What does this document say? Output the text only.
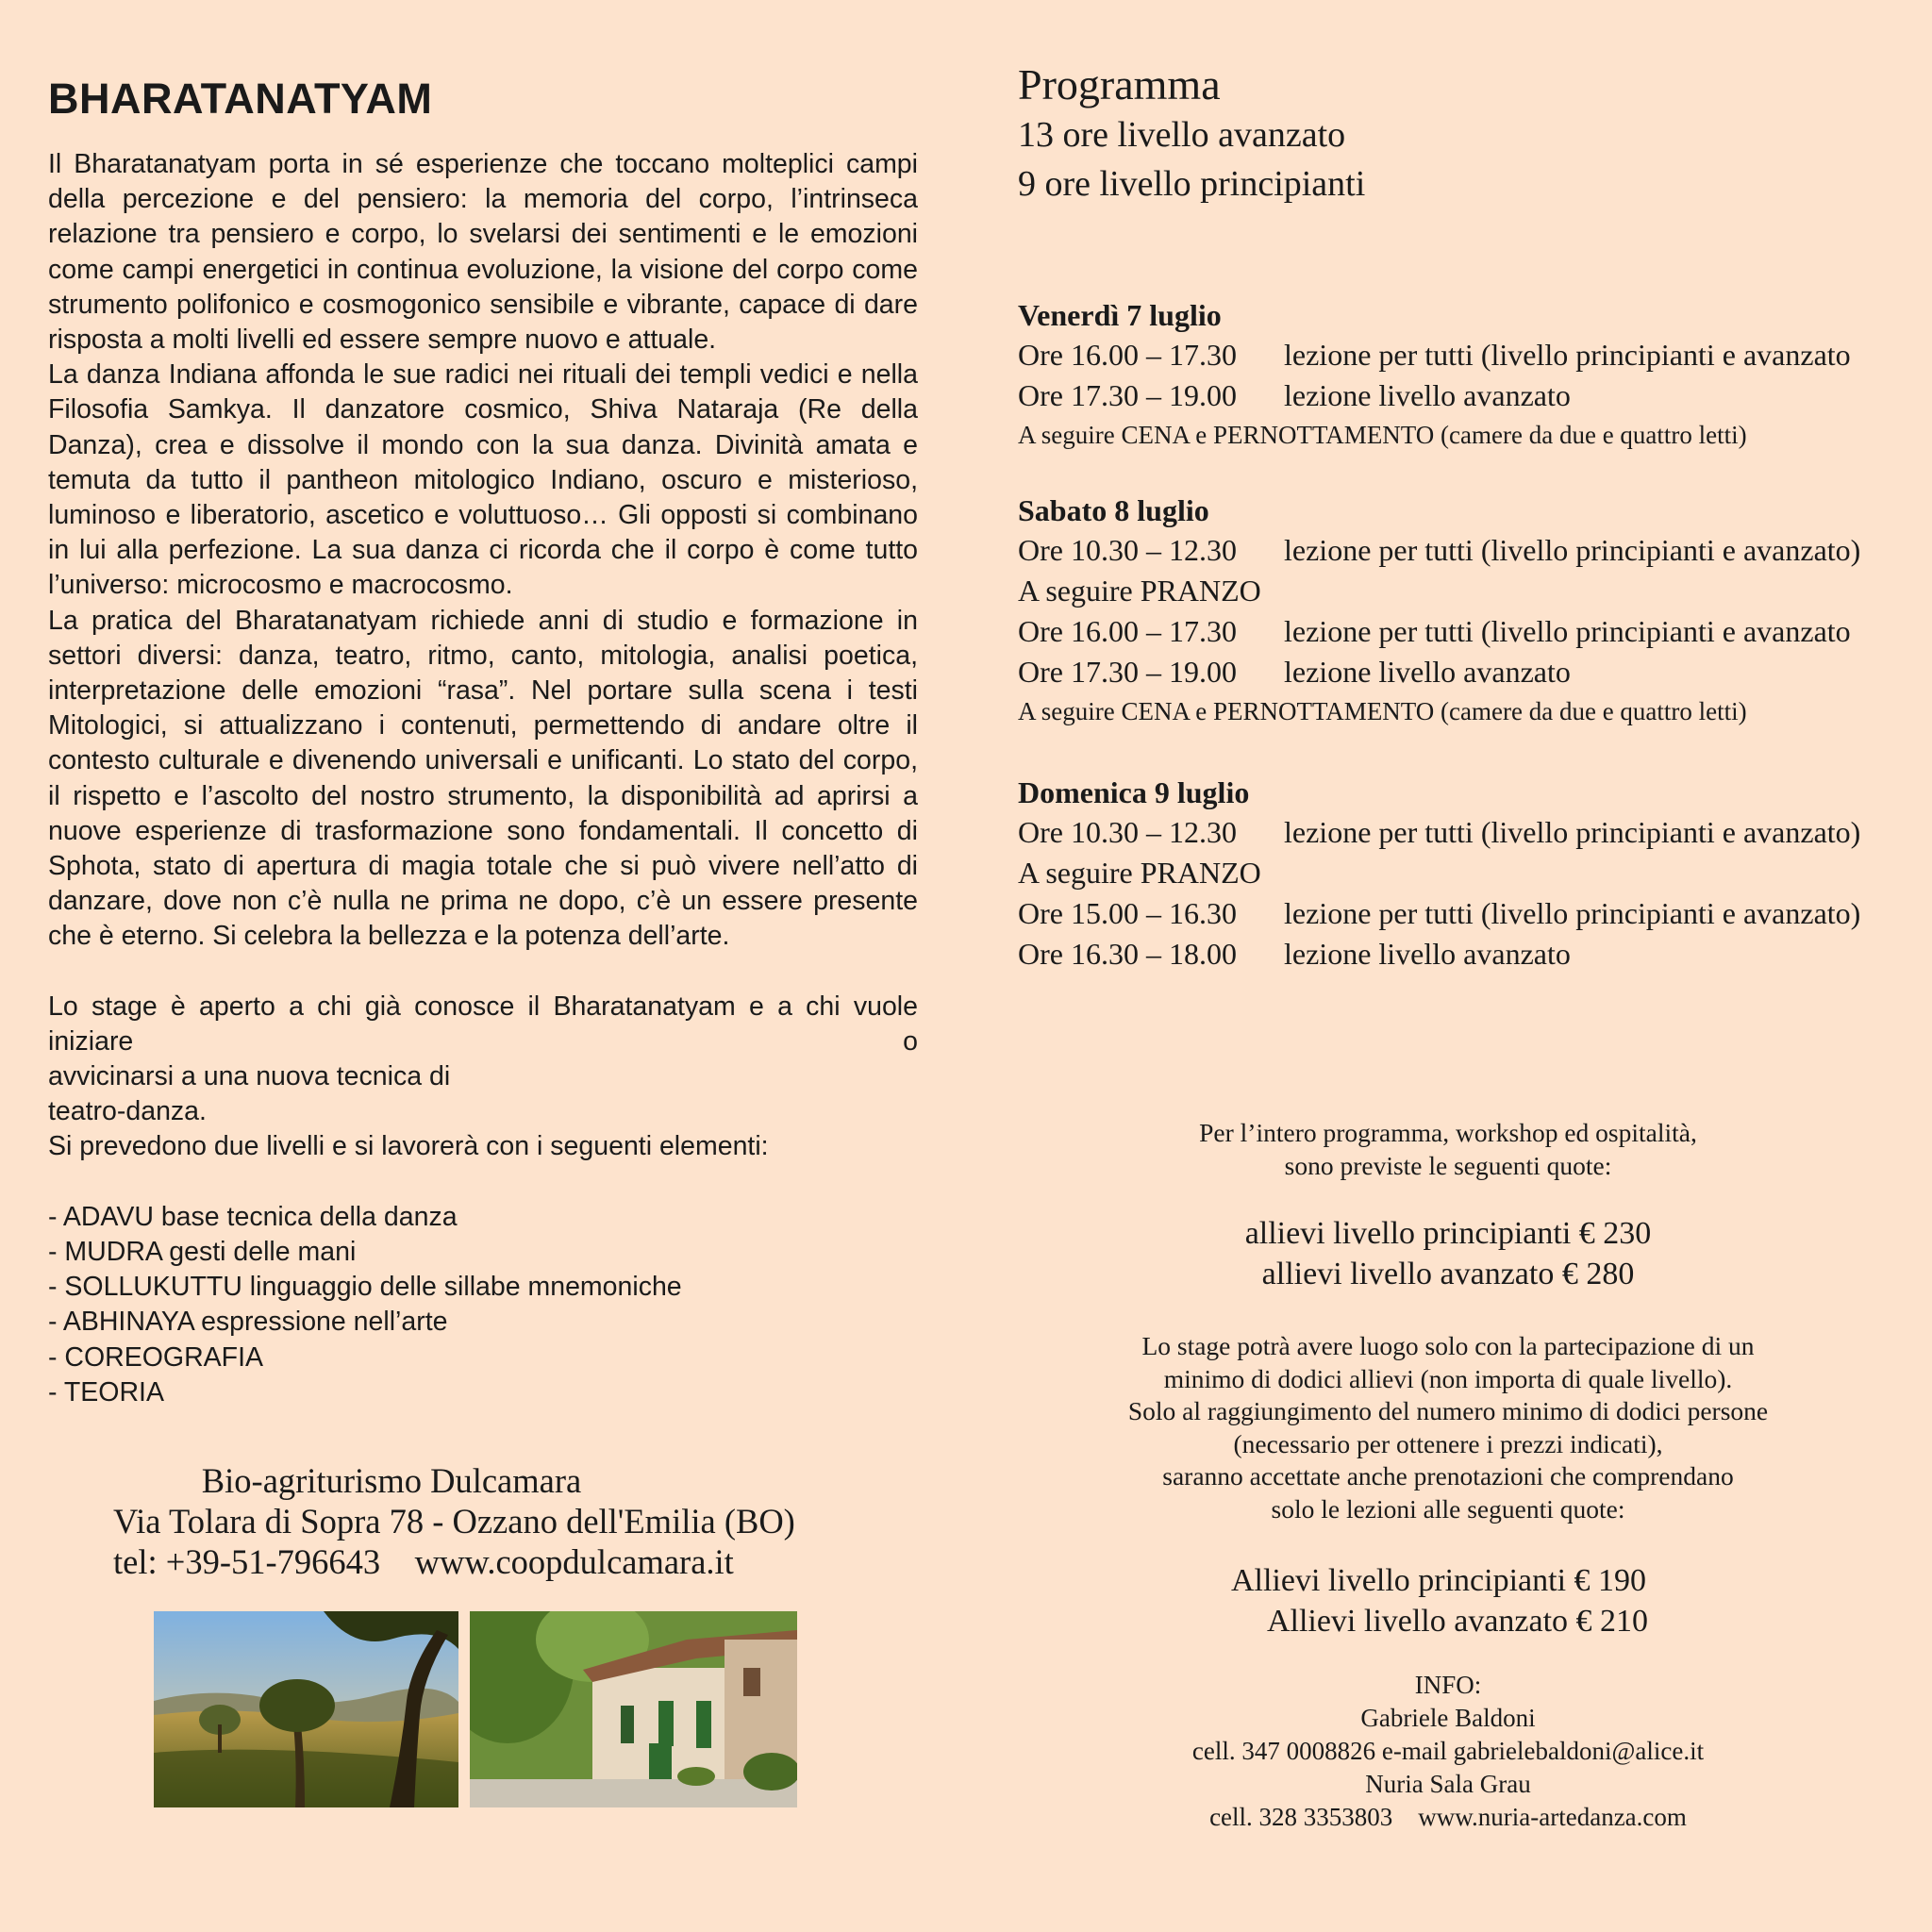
BHARATANATYAM

Il Bharatanatyam porta in sé esperienze che toccano molteplici campi della percezione e del pensiero: la memoria del corpo, l’intrinseca relazione tra pensiero e corpo, lo svelarsi dei sentimenti e le emozioni come campi energetici in continua evoluzione, la visione del corpo come strumento polifonico e cosmogonico sensibile e vibrante, capace di dare risposta a molti livelli ed essere sempre nuovo e attuale.

La danza Indiana affonda le sue radici nei rituali dei templi vedici e nella Filosofia Samkya. Il danzatore cosmico, Shiva Nataraja (Re della Danza), crea e dissolve il mondo con la sua danza. Divinità amata e temuta da tutto il pantheon mitologico Indiano, oscuro e misterioso, luminoso e liberatorio, ascetico e voluttuoso… Gli opposti si combinano in lui alla perfezione. La sua danza ci ricorda che il corpo è come tutto l’universo: microcosmo e macrocosmo.

La pratica del Bharatanatyam richiede anni di studio e formazione in settori diversi: danza, teatro, ritmo, canto, mitologia, analisi poetica, interpretazione delle emozioni “rasa”. Nel portare sulla scena i testi Mitologici, si attualizzano i contenuti, permettendo di andare oltre il contesto culturale e divenendo universali e unificanti. Lo stato del corpo, il rispetto e l’ascolto del nostro strumento, la disponibilità ad aprirsi a nuove esperienze di trasformazione sono fondamentali. Il concetto di Sphota, stato di apertura di magia totale che si può vivere nell’atto di danzare, dove non c’è nulla ne prima ne dopo, c’è un essere presente che è eterno. Si celebra la bellezza e la potenza dell’arte.

Lo stage è aperto a chi già conosce il Bharatanatyam e a chi vuole iniziare o

avvicinarsi a una nuova tecnica di

teatro-danza.

Si prevedono due livelli e si lavorerà con i seguenti elementi:

- ADAVU base tecnica della danza
- MUDRA gesti delle mani
- SOLLUKUTTU linguaggio delle sillabe mnemoniche
- ABHINAYA espressione nell’arte
- COREOGRAFIA
- TEORIA
Bio-agriturismo Dulcamara
Via Tolara di Sopra 78 - Ozzano dell'Emilia (BO)
tel: +39-51-796643    www.coopdulcamara.it
Programma
13 ore livello avanzato
9 ore livello principianti
Venerdì 7 luglio
Ore 16.00 – 17.30 lezione per tutti (livello principianti e avanzato
Ore 17.30 – 19.00 lezione livello avanzato
A seguire CENA e PERNOTTAMENTO (camere da due e quattro letti)
Sabato 8 luglio
Ore 10.30 – 12.30 lezione per tutti (livello principianti e avanzato)
A seguire PRANZO
Ore 16.00 – 17.30 lezione per tutti (livello principianti e avanzato
Ore 17.30 – 19.00 lezione livello avanzato
A seguire CENA e PERNOTTAMENTO (camere da due e quattro letti)
Domenica 9 luglio
Ore 10.30 – 12.30 lezione per tutti (livello principianti e avanzato)
A seguire PRANZO
Ore 15.00 – 16.30 lezione per tutti (livello principianti e avanzato)
Ore 16.30 – 18.00 lezione livello avanzato
Per l’intero programma, workshop ed ospitalità,
sono previste le seguenti quote:
allievi livello principianti € 230
allievi livello avanzato € 280
Lo stage potrà avere luogo solo con la partecipazione di un
minimo di dodici allievi (non importa di quale livello).
Solo al raggiungimento del numero minimo di dodici persone
(necessario per ottenere i prezzi indicati),
saranno accettate anche prenotazioni che comprendano
solo le lezioni alle seguenti quote:
Allievi livello principianti € 190
Allievi livello avanzato € 210
INFO:
Gabriele Baldoni
cell. 347 0008826 e-mail gabrielebaldoni@alice.it
Nuria Sala Grau
cell. 328 3353803    www.nuria-artedanza.com
